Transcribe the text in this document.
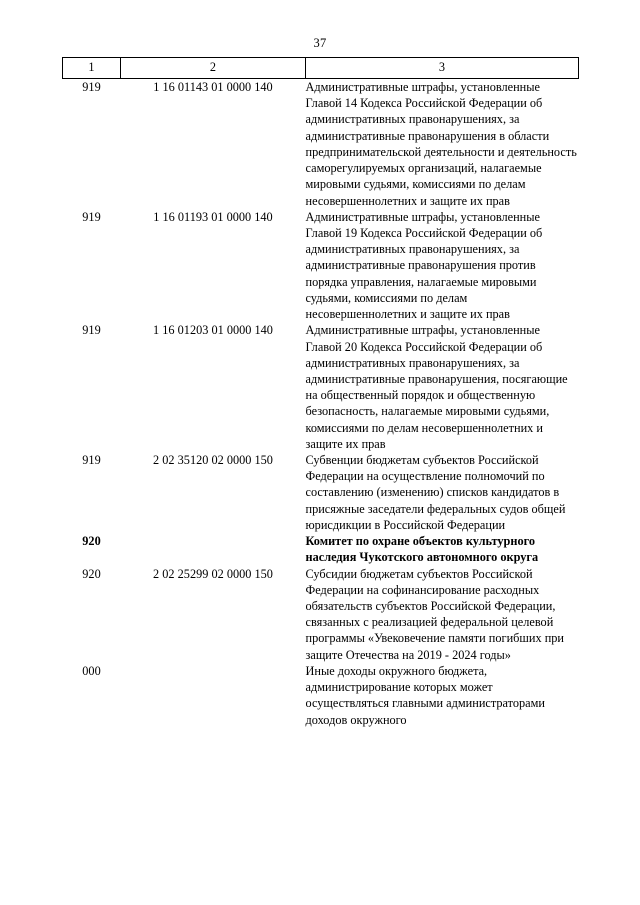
37
1	2	3
919	1 16 01143 01 0000 140	Административные штрафы, установленные Главой 14 Кодекса Российской Федерации об административных правонарушениях, за административные правонарушения в области предпринимательской деятельности и деятельность саморегулируемых организаций, налагаемые мировыми судьями, комиссиями по делам несовершеннолетних и защите их прав
919	1 16 01193 01 0000 140	Административные штрафы, установленные Главой 19 Кодекса Российской Федерации об административных правонарушениях, за административные правонарушения против порядка управления, налагаемые мировыми судьями, комиссиями по делам несовершеннолетних и защите их прав
919	1 16 01203 01 0000 140	Административные штрафы, установленные Главой 20 Кодекса Российской Федерации об административных правонарушениях, за административные правонарушения, посягающие на общественный порядок и общественную безопасность, налагаемые мировыми судьями, комиссиями по делам несовершеннолетних и защите их прав
919	2 02 35120 02 0000 150	Субвенции бюджетам субъектов Российской Федерации на осуществление полномочий по составлению (изменению) списков кандидатов в присяжные заседатели федеральных судов общей юрисдикции в Российской Федерации
920		Комитет по охране объектов культурного наследия Чукотского автономного округа
920	2 02 25299 02 0000 150	Субсидии бюджетам субъектов Российской Федерации на софинансирование расходных обязательств субъектов Российской Федерации, связанных с реализацией федеральной целевой программы «Увековечение памяти погибших при защите Отечества на 2019 - 2024 годы»
000		Иные доходы окружного бюджета, администрирование которых может осуществляться главными администраторами доходов окружного
